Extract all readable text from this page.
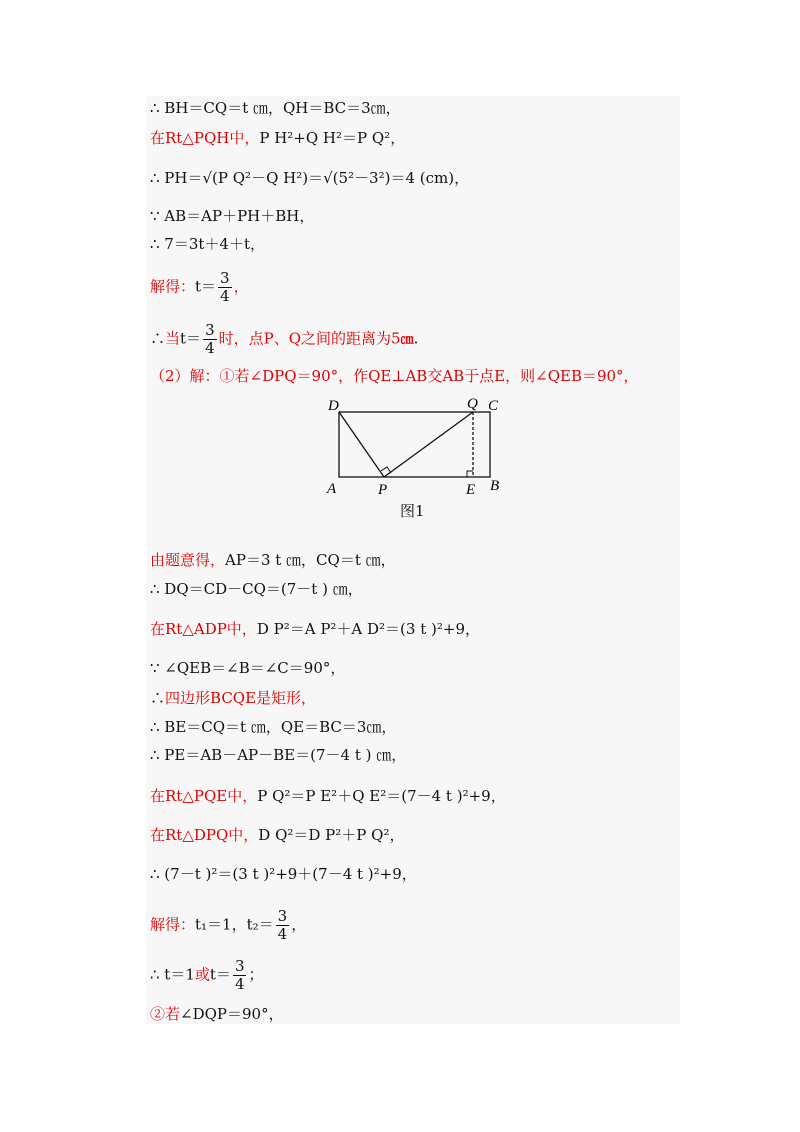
∴ BH＝CQ＝t ㎝，QH＝BC＝3㎝，
在Rt△PQH中，P H²+Q H²＝P Q²，
∴ PH＝√(P Q²－Q H²)＝√(5²－3²)＝4 (cm)，
∵ AB＝AP＋PH＋BH，
∴ 7＝3t＋4＋t，
解得：$t= \frac{3}{4}$ ，
∴当$t= \frac{3}{4}$ 时，点P、Q之间的距离为5㎝.
（2）解：①若∠DPQ＝90°，作QE⊥AB交AB于点E，则∠QEB＝90°，
D	Q C
A	P	E B
图1
由题意得，AP＝3 t ㎝，CQ＝t ㎝，
∴ DQ＝CD－CQ＝(7－t ) ㎝，
在Rt△ADP中，D P²＝A P²＋A D²＝(3 t )²+9，
∵ ∠QEB＝∠B＝∠C＝90°，
∴四边形BCQE是矩形，
∴ BE＝CQ＝t ㎝，QE＝BC＝3㎝，
∴ PE＝AB－AP－BE＝(7－4 t ) ㎝，
在Rt△PQE中，P Q²＝P E²＋Q E²＝(7－4 t )²+9，
在Rt△DPQ中，D Q²＝D P²＋P Q²，
∴ (7－t )²＝(3 t )²+9＋(7－4 t )²+9，
解得：t₁＝1，$t_2= \frac{3}{4}$ ，
∴ t＝1或$t= \frac{3}{4}$ ；
②若∠DQP＝90°，
